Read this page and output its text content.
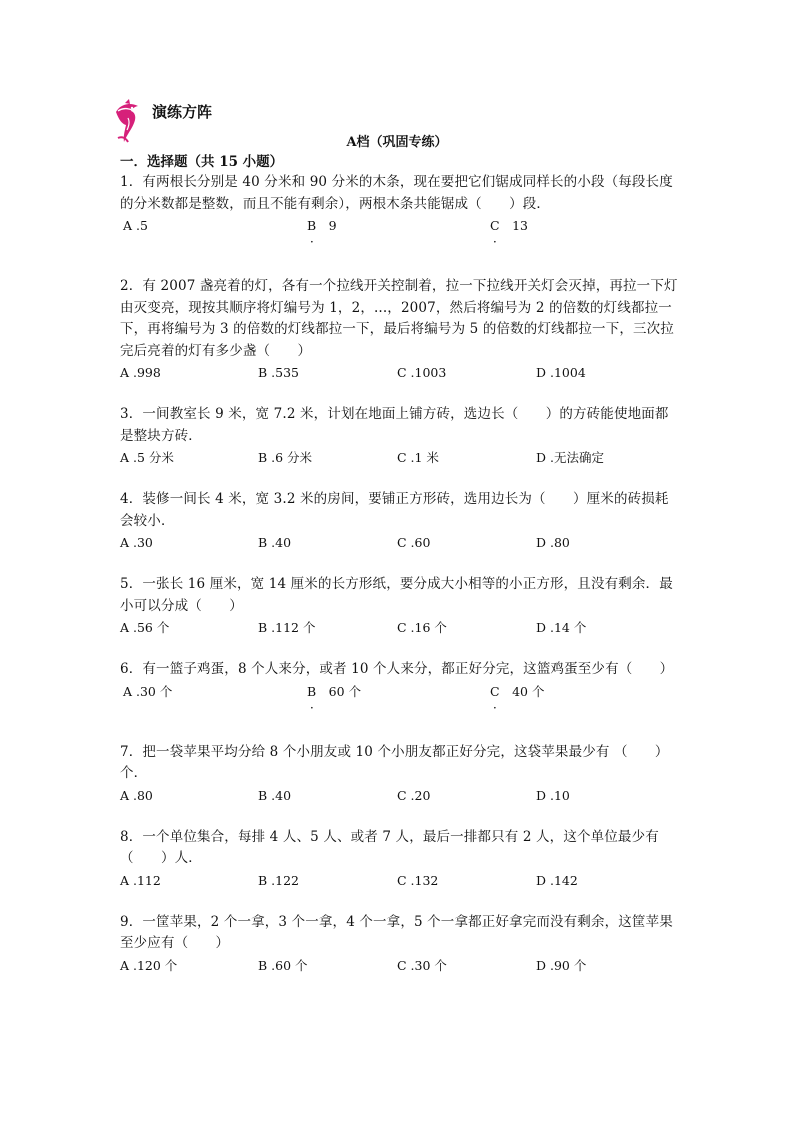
演练方阵
A档（巩固专练）
一．选择题（共 15 小题）
1．有两根长分别是 40 分米和 90 分米的木条，现在要把它们锯成同样长的小段（每段长度的分米数都是整数，而且不能有剩余），两根木条共能锯成（　　）段．
A .5	B　9
．
C　13
．
2．有 2007 盏亮着的灯，各有一个拉线开关控制着，拉一下拉线开关灯会灭掉，再拉一下灯由灭变亮，现按其顺序将灯编号为 1，2，...，2007，然后将编号为 2 的倍数的灯线都拉一下，再将编号为 3 的倍数的灯线都拉一下，最后将编号为 5 的倍数的灯线都拉一下，三次拉完后亮着的灯有多少盏（　　）
A .998	B .535	C .1003	D .1004
3．一间教室长 9 米，宽 7.2 米，计划在地面上铺方砖，选边长（　　）的方砖能使地面都是整块方砖．
A .5 分米	B .6 分米	C .1 米	D .无法确定
4．装修一间长 4 米，宽 3.2 米的房间，要铺正方形砖，选用边长为（　　）厘米的砖损耗会较小．
A .30	B .40	C .60	D .80
5．一张长 16 厘米，宽 14 厘米的长方形纸，要分成大小相等的小正方形，且没有剩余．最小可以分成（　　）
A .56 个	B .112 个	C .16 个	D .14 个
6．有一篮子鸡蛋，8 个人来分，或者 10 个人来分，都正好分完，这篮鸡蛋至少有（　　）
A .30 个	B　60 个
．
C　40 个
．
7．把一袋苹果平均分给 8 个小朋友或 10 个小朋友都正好分完，这袋苹果最少有 （　　）个．
A .80	B .40	C .20	D .10
8．一个单位集合，每排 4 人、5 人、或者 7 人，最后一排都只有 2 人，这个单位最少有（　　）人．
A .112	B .122	C .132	D .142
9．一筐苹果，2 个一拿，3 个一拿，4 个一拿，5 个一拿都正好拿完而没有剩余，这筐苹果至少应有（　　）
A .120 个	B .60 个	C .30 个	D .90 个
